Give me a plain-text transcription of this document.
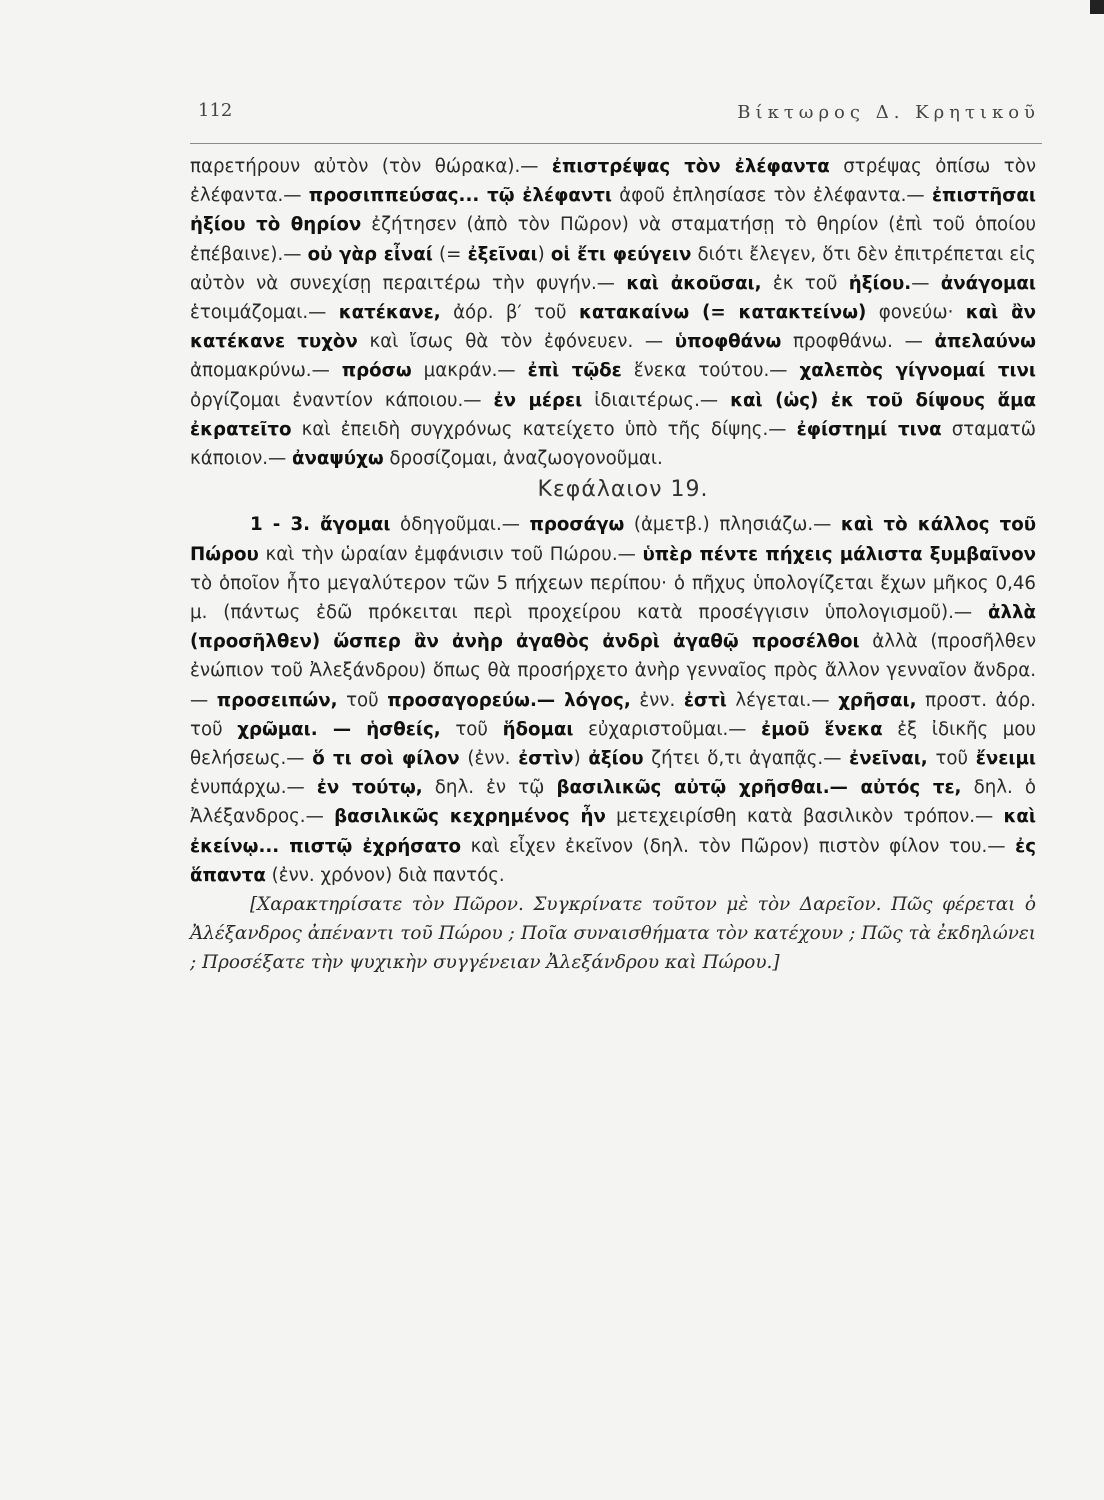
112	Βίκτωρος Δ. Κρητικοῦ

παρετήρουν αὐτὸν (τὸν θώρακα).— ἐπιστρέψας τὸν ἐλέφαντα στρέψας ὀπίσω τὸν ἐλέφαντα.— προσιππεύσας... τῷ ἐλέφαντι ἀφοῦ ἐπλησίασε τὸν ἐλέφαντα.— ἐπιστῆσαι ἠξίου τὸ θηρίον ἐζήτησεν (ἀπὸ τὸν Πῶρον) νὰ σταματήσῃ τὸ θηρίον (ἐπὶ τοῦ ὁποίου ἐπέβαινε).— οὐ γὰρ εἶναί (= ἐξεῖναι) οἱ ἔτι φεύγειν διότι ἔλεγεν, ὅτι δὲν ἐπιτρέπεται εἰς αὐτὸν νὰ συνεχίσῃ περαιτέρω τὴν φυγήν.— καὶ ἀκοῦσαι, ἐκ τοῦ ἠξίου.— ἀνάγομαι ἑτοιμάζομαι.— κατέκανε, ἀόρ. β′ τοῦ κατακαίνω (= κατακτείνω) φονεύω· καὶ ἂν κατέκανε τυχὸν καὶ ἴσως θὰ τὸν ἐφόνευεν. — ὑποφθάνω προφθάνω. — ἀπελαύνω ἀπομακρύνω.— πρόσω μακράν.— ἐπὶ τῷδε ἕνεκα τούτου.— χαλεπὸς γίγνομαί τινι ὀργίζομαι ἐναντίον κάποιου.— ἐν μέρει ἰδιαιτέρως.— καὶ (ὡς) ἐκ τοῦ δίψους ἅμα ἐκρατεῖτο καὶ ἐπειδὴ συγχρόνως κατείχετο ὑπὸ τῆς δίψης.— ἐφίστημί τινα σταματῶ κάποιον.— ἀναψύχω δροσίζομαι, ἀναζωογονοῦμαι.

Κεφάλαιον 19.

1 - 3. ἄγομαι ὁδηγοῦμαι.— προσάγω (ἀμετβ.) πλησιάζω.— καὶ τὸ κάλλος τοῦ Πώρου καὶ τὴν ὡραίαν ἐμφάνισιν τοῦ Πώρου.— ὑπὲρ πέντε πήχεις μάλιστα ξυμβαῖνον τὸ ὁποῖον ἦτο μεγαλύτερον τῶν 5 πήχεων περίπου· ὁ πῆχυς ὑπολογίζεται ἔχων μῆκος 0,46 μ. (πάντως ἐδῶ πρόκειται περὶ προχείρου κατὰ προσέγγισιν ὑπολογισμοῦ).— ἀλλὰ (προσῆλθεν) ὥσπερ ἂν ἀνὴρ ἀγαθὸς ἀνδρὶ ἀγαθῷ προσέλθοι ἀλλὰ (προσῆλθεν ἐνώπιον τοῦ Ἀλεξάνδρου) ὅπως θὰ προσήρχετο ἀνὴρ γενναῖος πρὸς ἄλλον γενναῖον ἄνδρα.— προσειπών, τοῦ προσαγορεύω.— λόγος, ἐνν. ἐστὶ λέγεται.— χρῆσαι, προστ. ἀόρ. τοῦ χρῶμαι. — ἡσθείς, τοῦ ἥδομαι εὐχαριστοῦμαι.— ἐμοῦ ἕνεκα ἐξ ἰδικῆς μου θελήσεως.— ὅ τι σοὶ φίλον (ἐνν. ἐστὶν) ἀξίου ζήτει ὅ,τι ἀγαπᾷς.— ἐνεῖναι, τοῦ ἔνειμι ἐνυπάρχω.— ἐν τούτῳ, δηλ. ἐν τῷ βασιλικῶς αὐτῷ χρῆσθαι.— αὐτός τε, δηλ. ὁ Ἀλέξανδρος.— βασιλικῶς κεχρημένος ἦν μετεχειρίσθη κατὰ βασιλικὸν τρόπον.— καὶ ἐκείνῳ... πιστῷ ἐχρήσατο καὶ εἶχεν ἐκεῖνον (δηλ. τὸν Πῶρον) πιστὸν φίλον του.— ἐς ἅπαντα (ἐνν. χρόνον) διὰ παντός.

[Χαρακτηρίσατε τὸν Πῶρον. Συγκρίνατε τοῦτον μὲ τὸν Δαρεῖον. Πῶς φέρεται ὁ Ἀλέξανδρος ἀπέναντι τοῦ Πώρου ; Ποῖα συναισθήματα τὸν κατέχουν ; Πῶς τὰ ἐκδηλώνει ; Προσέξατε τὴν ψυχικὴν συγγένειαν Ἀλεξάνδρου καὶ Πώρου.]
